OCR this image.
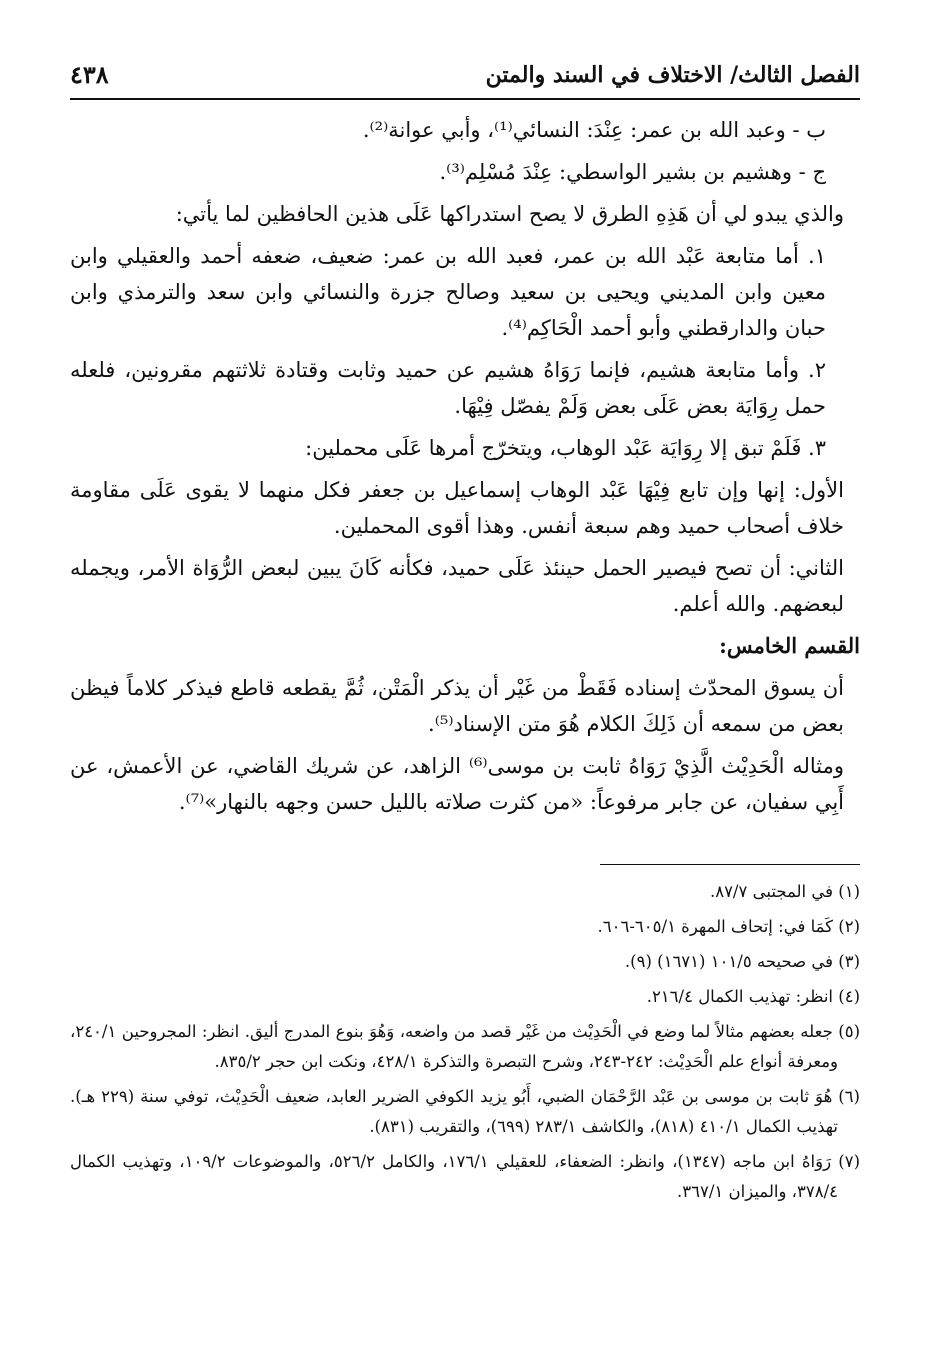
الفصل الثالث/ الاختلاف في السند والمتن
٤٣٨

ب - وعبد الله بن عمر: عِنْدَ: النسائي⁽¹⁾، وأبي عوانة⁽²⁾.

ج - وهشيم بن بشير الواسطي: عِنْدَ مُسْلِم⁽³⁾.

والذي يبدو لي أن هَذِهِ الطرق لا يصح استدراكها عَلَى هذين الحافظين لما يأتي:

١. أما متابعة عَبْد الله بن عمر، فعبد الله بن عمر: ضعيف، ضعفه أحمد والعقيلي وابن معين وابن المديني ويحيى بن سعيد وصالح جزرة والنسائي وابن سعد والترمذي وابن حبان والدارقطني وأبو أحمد الْحَاكِم⁽⁴⁾.

٢. وأما متابعة هشيم، فإنما رَوَاهُ هشيم عن حميد وثابت وقتادة ثلاثتهم مقرونين، فلعله حمل رِوَايَة بعض عَلَى بعض وَلَمْ يفصّل فِيْهَا.

٣. فَلَمْ تبق إلا رِوَايَة عَبْد الوهاب، ويتخرّج أمرها عَلَى محملين:

الأول: إنها وإن تابع فِيْهَا عَبْد الوهاب إسماعيل بن جعفر فكل منهما لا يقوى عَلَى مقاومة خلاف أصحاب حميد وهم سبعة أنفس. وهذا أقوى المحملين.

الثاني: أن تصح فيصير الحمل حينئذ عَلَى حميد، فكأنه كَانَ يبين لبعض الرُّوَاة الأمر، ويجمله لبعضهم. والله أعلم.

القسم الخامس:

أن يسوق المحدّث إسناده فَقَطْ من غَيْر أن يذكر الْمَتْن، ثُمَّ يقطعه قاطع فيذكر كلاماً فيظن بعض من سمعه أن ذَلِكَ الكلام هُوَ متن الإسناد⁽⁵⁾.

ومثاله الْحَدِيْث الَّذِيْ رَوَاهُ ثابت بن موسى⁽⁶⁾ الزاهد، عن شريك القاضي، عن الأعمش، عن أَبِي سفيان، عن جابر مرفوعاً: «من كثرت صلاته بالليل حسن وجهه بالنهار»⁽⁷⁾.

(١) في المجتبى ٨٧/٧.

(٢) كَمَا في: إتحاف المهرة ٦٠٥/١-٦٠٦.

(٣) في صحيحه ١٠١/٥ (١٦٧١) (٩).

(٤) انظر: تهذيب الكمال ٢١٦/٤.

(٥) جعله بعضهم مثالاً لما وضع في الْحَدِيْث من غَيْر قصد من واضعه، وَهُوَ بنوع المدرج أليق. انظر: المجروحين ٢٤٠/١، ومعرفة أنواع علم الْحَدِيْث: ٢٤٢-٢٤٣، وشرح التبصرة والتذكرة ٤٢٨/١، ونكت ابن حجر ٨٣٥/٢.

(٦) هُوَ ثابت بن موسى بن عَبْد الرَّحْمَان الضبي، أَبُو يزيد الكوفي الضرير العابد، ضعيف الْحَدِيْث، توفي سنة (٢٢٩ هـ). تهذيب الكمال ٤١٠/١ (٨١٨)، والكاشف ٢٨٣/١ (٦٩٩)، والتقريب (٨٣١).

(٧) رَوَاهُ ابن ماجه (١٣٤٧)، وانظر: الضعفاء، للعقيلي ١٧٦/١، والكامل ٥٢٦/٢، والموضوعات ١٠٩/٢، وتهذيب الكمال ٣٧٨/٤، والميزان ٣٦٧/١.
